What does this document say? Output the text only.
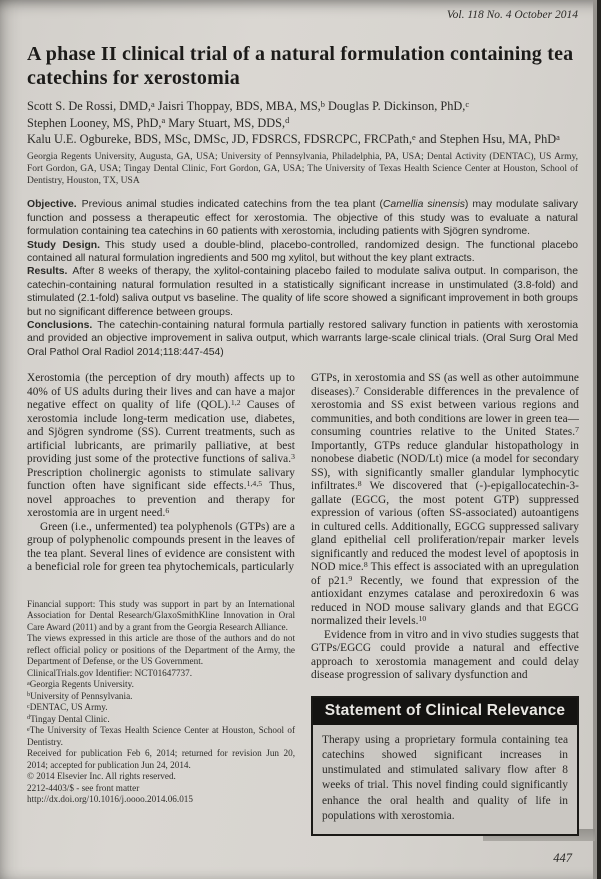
Vol. 118 No. 4 October 2014
A phase II clinical trial of a natural formulation containing tea catechins for xerostomia
Scott S. De Rossi, DMD,$^a$ Jaisri Thoppay, BDS, MBA, MS,$^b$ Douglas P. Dickinson, PhD,$^c$
Stephen Looney, MS, PhD,$^a$ Mary Stuart, MS, DDS,$^d$
Kalu U.E. Ogbureke, BDS, MSc, DMSc, JD, FDSRCS, FDSRCPC, FRCPath,$^e$ and Stephen Hsu, MA, PhD$^a$
Georgia Regents University, Augusta, GA, USA; University of Pennsylvania, Philadelphia, PA, USA; Dental Activity (DENTAC), US Army, Fort Gordon, GA, USA; Tingay Dental Clinic, Fort Gordon, GA, USA; The University of Texas Health Science Center at Houston, School of Dentistry, Houston, TX, USA

Objective. Previous animal studies indicated catechins from the tea plant (Camellia sinensis) may modulate salivary function and possess a therapeutic effect for xerostomia. The objective of this study was to evaluate a natural formulation containing tea catechins in 60 patients with xerostomia, including patients with Sjögren syndrome.

Study Design. This study used a double-blind, placebo-controlled, randomized design. The functional placebo contained all natural formulation ingredients and 500 mg xylitol, but without the key plant extracts.

Results. After 8 weeks of therapy, the xylitol-containing placebo failed to modulate saliva output. In comparison, the catechin-containing natural formulation resulted in a statistically significant increase in unstimulated (3.8-fold) and stimulated (2.1-fold) saliva output vs baseline. The quality of life score showed a significant improvement in both groups but no significant difference between groups.

Conclusions. The catechin-containing natural formula partially restored salivary function in patients with xerostomia and provided an objective improvement in saliva output, which warrants large-scale clinical trials. (Oral Surg Oral Med Oral Pathol Oral Radiol 2014;118:447-454)

Xerostomia (the perception of dry mouth) affects up to 40% of US adults during their lives and can have a major negative effect on quality of life (QOL).$^{1,2}$ Causes of xerostomia include long-term medication use, diabetes, and Sjögren syndrome (SS). Current treatments, such as artificial lubricants, are primarily palliative, at best providing just some of the protective functions of saliva.$^3$ Prescription cholinergic agonists to stimulate salivary function often have significant side effects.$^{1,4,5}$ Thus, novel approaches to prevention and therapy for xerostomia are in urgent need.$^6$

Green (i.e., unfermented) tea polyphenols (GTPs) are a group of polyphenolic compounds present in the leaves of the tea plant. Several lines of evidence are consistent with a beneficial role for green tea phytochemicals, particularly

Financial support: This study was support in part by an International Association for Dental Research/GlaxoSmithKline Innovation in Oral Care Award (2011) and by a grant from the Georgia Research Alliance.
The views expressed in this article are those of the authors and do not reflect official policy or positions of the Department of the Army, the Department of Defense, or the US Government.
ClinicalTrials.gov Identifier: NCT01647737.
$^a$Georgia Regents University.
$^b$University of Pennsylvania.
$^c$DENTAC, US Army.
$^d$Tingay Dental Clinic.
$^e$The University of Texas Health Science Center at Houston, School of Dentistry.
Received for publication Feb 6, 2014; returned for revision Jun 20, 2014; accepted for publication Jun 24, 2014.
© 2014 Elsevier Inc. All rights reserved.
2212-4403/$ - see front matter
http://dx.doi.org/10.1016/j.oooo.2014.06.015

GTPs, in xerostomia and SS (as well as other autoimmune diseases).$^7$ Considerable differences in the prevalence of xerostomia and SS exist between various regions and communities, and both conditions are lower in green tea—consuming countries relative to the United States.$^7$ Importantly, GTPs reduce glandular histopathology in nonobese diabetic (NOD/Lt) mice (a model for secondary SS), with significantly smaller glandular lymphocytic infiltrates.$^8$ We discovered that (-)-epigallocatechin-3-gallate (EGCG, the most potent GTP) suppressed expression of various (often SS-associated) autoantigens in cultured cells. Additionally, EGCG suppressed salivary gland epithelial cell proliferation/repair marker levels significantly and reduced the modest level of apoptosis in NOD mice.$^8$ This effect is associated with an upregulation of p21.$^9$ Recently, we found that expression of the antioxidant enzymes catalase and peroxiredoxin 6 was reduced in NOD mouse salivary glands and that EGCG normalized their levels.$^{10}$

Evidence from in vitro and in vivo studies suggests that GTPs/EGCG could provide a natural and effective approach to xerostomia management and could delay disease progression of salivary dysfunction and

Statement of Clinical Relevance
Therapy using a proprietary formula containing tea catechins showed significant increases in unstimulated and stimulated salivary flow after 8 weeks of trial. This novel finding could significantly enhance the oral health and quality of life in populations with xerostomia.
447
